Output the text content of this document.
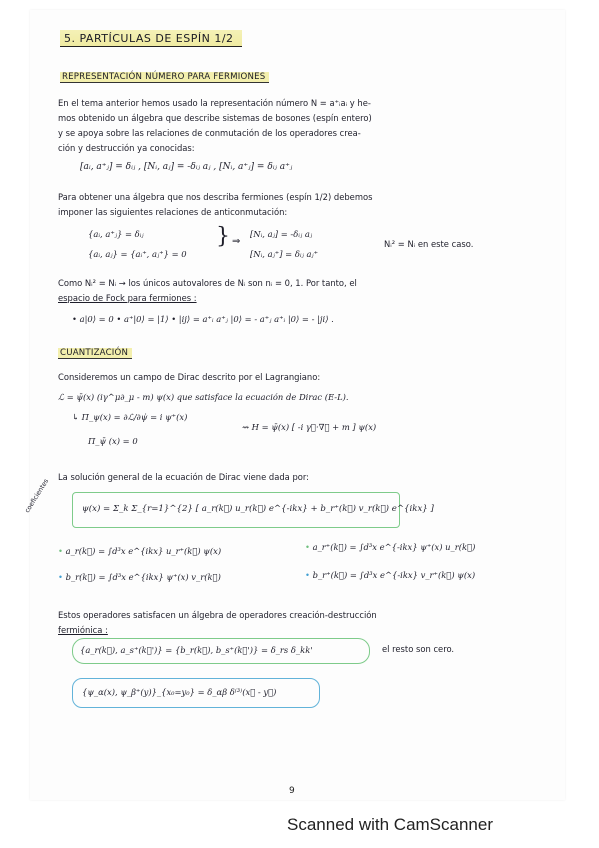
5. PARTÍCULAS DE ESPÍN 1/2
REPRESENTACIÓN NÚMERO PARA FERMIONES
En el tema anterior hemos usado la representación número N = a⁺ᵢaᵢ y he-
mos obtenido un álgebra que describe sistemas de bosones (espín entero)
y se apoya sobre las relaciones de conmutación de los operadores crea-
ción y destrucción ya conocidas:
[aᵢ, a⁺ⱼ] = δᵢⱼ , [Nᵢ, aⱼ] = -δᵢⱼ aⱼ , [Nᵢ, a⁺ⱼ] = δᵢⱼ a⁺ⱼ
Para obtener una álgebra que nos describa fermiones (espín 1/2) debemos
imponer las siguientes relaciones de anticonmutación:
{aᵢ, a⁺ⱼ} = δᵢⱼ
{aᵢ, aⱼ} = {aᵢ⁺, aⱼ⁺} = 0
} ⇒
[Nᵢ, aⱼ] = -δᵢⱼ aⱼ
[Nᵢ, aⱼ⁺] = δᵢⱼ aⱼ⁺
Nᵢ² = Nᵢ en este caso.
Como Nᵢ² = Nᵢ → los únicos autovalores de Nᵢ son nᵢ = 0, 1. Por tanto, el
espacio de Fock para fermiones :
• a|0⟩ = 0 • a⁺|0⟩ = |1⟩ • |ij⟩ = a⁺ᵢ a⁺ⱼ |0⟩ = - a⁺ⱼ a⁺ᵢ |0⟩ = - |ji⟩ .
CUANTIZACIÓN
Consideremos un campo de Dirac descrito por el Lagrangiano:
ℒ = ψ̄(x) (iγ^μ∂_μ - m) ψ(x) que satisface la ecuación de Dirac (E-L).
↳ Π_ψ(x) = ∂ℒ/∂ψ̇ = i ψ⁺(x)
⇝ H = ψ̄(x) [ -i γ⃗·∇⃗ + m ] ψ(x)
Π_ψ̄ (x) = 0
La solución general de la ecuación de Dirac viene dada por:
ψ(x) = Σ_k Σ_{r=1}^{2} [ a_r(k⃗) u_r(k⃗) e^{-ikx} + b_r⁺(k⃗) v_r(k⃗) e^{ikx} ]
coeficientes
• a_r(k⃗) = ∫d³x e^{ikx} u_r⁺(k⃗) ψ(x)	• a_r⁺(k⃗) = ∫d³x e^{-ikx} ψ⁺(x) u_r(k⃗)
• b_r(k⃗) = ∫d³x e^{ikx} ψ⁺(x) v_r(k⃗)	• b_r⁺(k⃗) = ∫d³x e^{-ikx} v_r⁺(k⃗) ψ(x)
Estos operadores satisfacen un álgebra de operadores creación-destrucción
fermiónica :
{a_r(k⃗), a_s⁺(k⃗')} = {b_r(k⃗), b_s⁺(k⃗')} = δ_rs δ_kk'	el resto son cero.
{ψ_α(x), ψ_β⁺(y)}_{x₀=y₀} = δ_αβ δ⁽³⁾(x⃗ - y⃗)
9
Scanned with CamScanner
